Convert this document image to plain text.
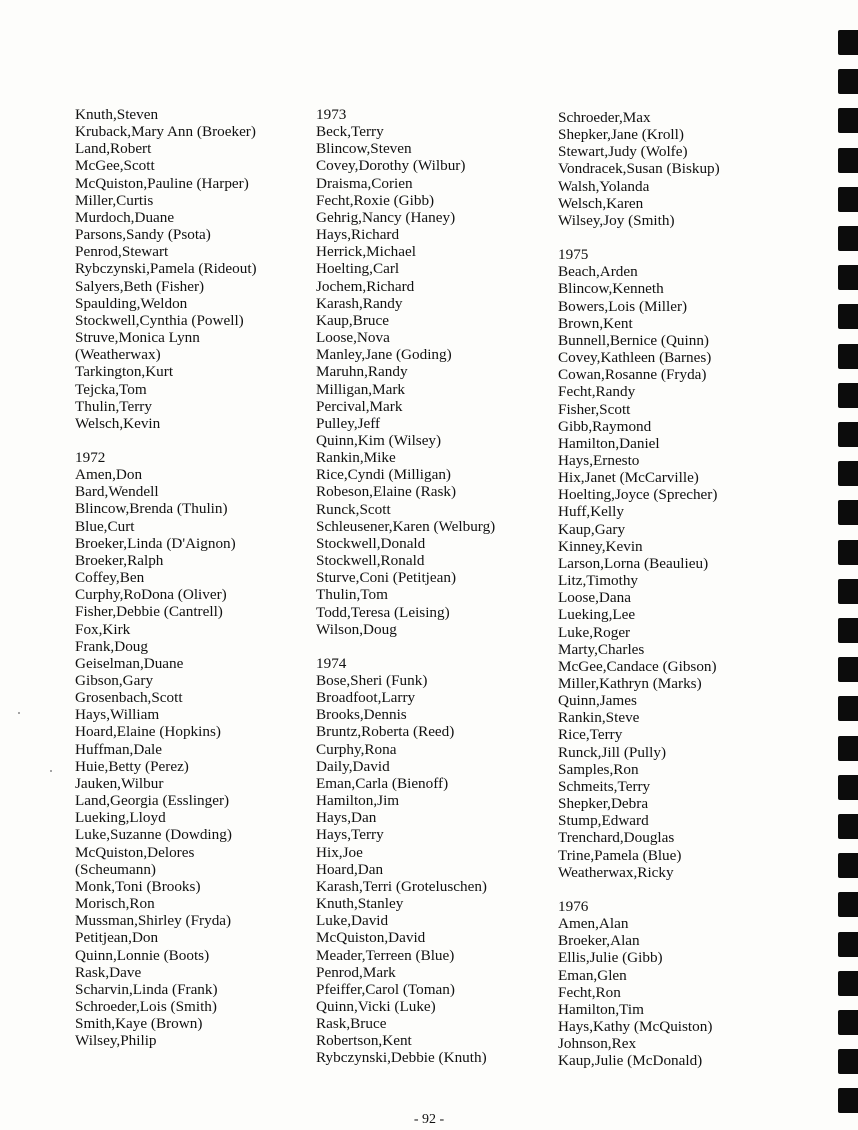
Knuth,Steven
Kruback,Mary Ann (Broeker)
Land,Robert
McGee,Scott
McQuiston,Pauline (Harper)
Miller,Curtis
Murdoch,Duane
Parsons,Sandy (Psota)
Penrod,Stewart
Rybczynski,Pamela (Rideout)
Salyers,Beth (Fisher)
Spaulding,Weldon
Stockwell,Cynthia (Powell)
Struve,Monica Lynn
(Weatherwax)
Tarkington,Kurt
Tejcka,Tom
Thulin,Terry
Welsch,Kevin
1972
Amen,Don
Bard,Wendell
Blincow,Brenda (Thulin)
Blue,Curt
Broeker,Linda (D'Aignon)
Broeker,Ralph
Coffey,Ben
Curphy,RoDona (Oliver)
Fisher,Debbie (Cantrell)
Fox,Kirk
Frank,Doug
Geiselman,Duane
Gibson,Gary
Grosenbach,Scott
Hays,William
Hoard,Elaine (Hopkins)
Huffman,Dale
Huie,Betty (Perez)
Jauken,Wilbur
Land,Georgia (Esslinger)
Lueking,Lloyd
Luke,Suzanne (Dowding)
McQuiston,Delores
(Scheumann)
Monk,Toni (Brooks)
Morisch,Ron
Mussman,Shirley (Fryda)
Petitjean,Don
Quinn,Lonnie (Boots)
Rask,Dave
Scharvin,Linda (Frank)
Schroeder,Lois (Smith)
Smith,Kaye (Brown)
Wilsey,Philip
1973
Beck,Terry
Blincow,Steven
Covey,Dorothy (Wilbur)
Draisma,Corien
Fecht,Roxie (Gibb)
Gehrig,Nancy (Haney)
Hays,Richard
Herrick,Michael
Hoelting,Carl
Jochem,Richard
Karash,Randy
Kaup,Bruce
Loose,Nova
Manley,Jane (Goding)
Maruhn,Randy
Milligan,Mark
Percival,Mark
Pulley,Jeff
Quinn,Kim (Wilsey)
Rankin,Mike
Rice,Cyndi (Milligan)
Robeson,Elaine (Rask)
Runck,Scott
Schleusener,Karen (Welburg)
Stockwell,Donald
Stockwell,Ronald
Sturve,Coni (Petitjean)
Thulin,Tom
Todd,Teresa (Leising)
Wilson,Doug
1974
Bose,Sheri (Funk)
Broadfoot,Larry
Brooks,Dennis
Bruntz,Roberta (Reed)
Curphy,Rona
Daily,David
Eman,Carla (Bienoff)
Hamilton,Jim
Hays,Dan
Hays,Terry
Hix,Joe
Hoard,Dan
Karash,Terri (Groteluschen)
Knuth,Stanley
Luke,David
McQuiston,David
Meader,Terreen (Blue)
Penrod,Mark
Pfeiffer,Carol (Toman)
Quinn,Vicki (Luke)
Rask,Bruce
Robertson,Kent
Rybczynski,Debbie (Knuth)
Schroeder,Max
Shepker,Jane (Kroll)
Stewart,Judy (Wolfe)
Vondracek,Susan (Biskup)
Walsh,Yolanda
Welsch,Karen
Wilsey,Joy (Smith)
1975
Beach,Arden
Blincow,Kenneth
Bowers,Lois (Miller)
Brown,Kent
Bunnell,Bernice (Quinn)
Covey,Kathleen (Barnes)
Cowan,Rosanne (Fryda)
Fecht,Randy
Fisher,Scott
Gibb,Raymond
Hamilton,Daniel
Hays,Ernesto
Hix,Janet (McCarville)
Hoelting,Joyce (Sprecher)
Huff,Kelly
Kaup,Gary
Kinney,Kevin
Larson,Lorna (Beaulieu)
Litz,Timothy
Loose,Dana
Lueking,Lee
Luke,Roger
Marty,Charles
McGee,Candace (Gibson)
Miller,Kathryn (Marks)
Quinn,James
Rankin,Steve
Rice,Terry
Runck,Jill (Pully)
Samples,Ron
Schmeits,Terry
Shepker,Debra
Stump,Edward
Trenchard,Douglas
Trine,Pamela (Blue)
Weatherwax,Ricky
1976
Amen,Alan
Broeker,Alan
Ellis,Julie (Gibb)
Eman,Glen
Fecht,Ron
Hamilton,Tim
Hays,Kathy (McQuiston)
Johnson,Rex
Kaup,Julie (McDonald)
- 92 -
